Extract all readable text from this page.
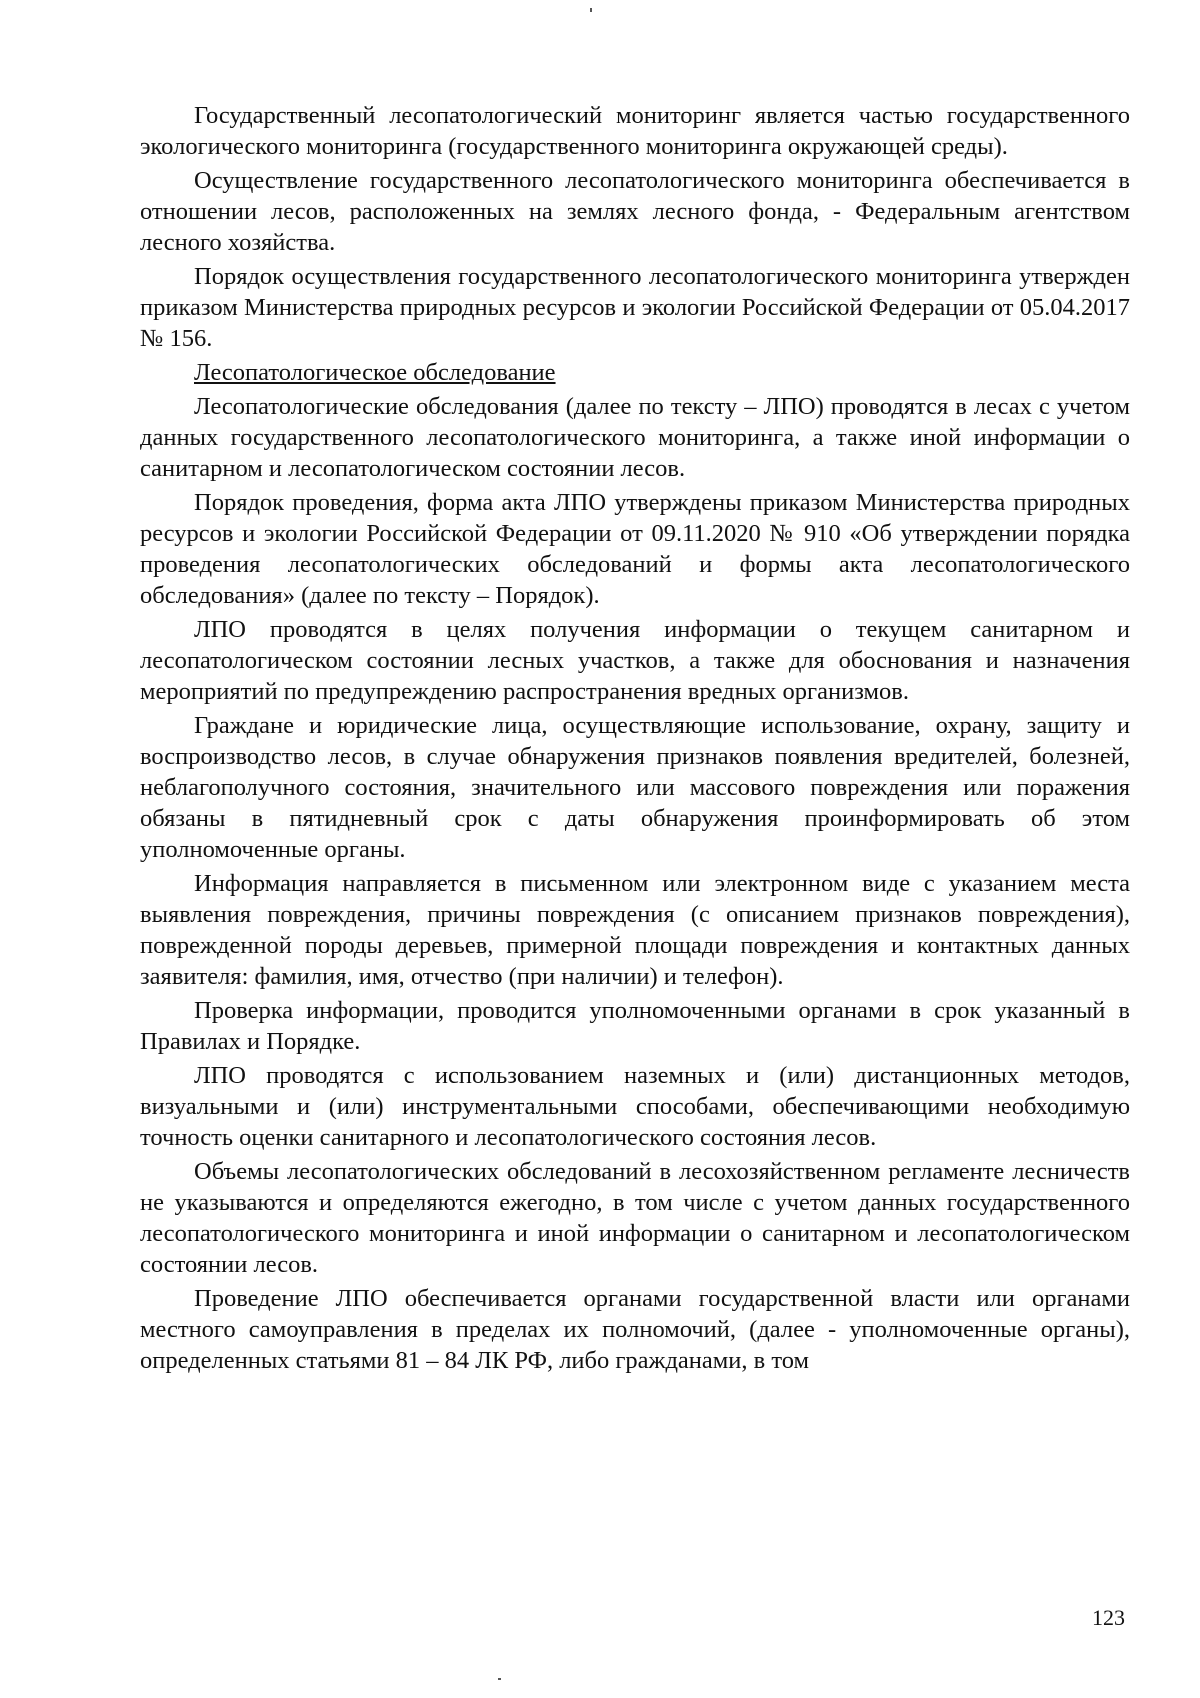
Государственный лесопатологический мониторинг является частью государственного экологического мониторинга (государственного мониторинга окружающей среды).

Осуществление государственного лесопатологического мониторинга обеспечивается в отношении лесов, расположенных на землях лесного фонда, - Федеральным агентством лесного хозяйства.

Порядок осуществления государственного лесопатологического мониторинга утвержден приказом Министерства природных ресурсов и экологии Российской Федерации от 05.04.2017 № 156.

Лесопатологическое обследование

Лесопатологические обследования (далее по тексту – ЛПО) проводятся в лесах с учетом данных государственного лесопатологического мониторинга, а также иной информации о санитарном и лесопатологическом состоянии лесов.

Порядок проведения, форма акта ЛПО утверждены приказом Министерства природных ресурсов и экологии Российской Федерации от 09.11.2020 № 910 «Об утверждении порядка проведения лесопатологических обследований и формы акта лесопатологического обследования» (далее по тексту – Порядок).

ЛПО проводятся в целях получения информации о текущем санитарном и лесопатологическом состоянии лесных участков, а также для обоснования и назначения мероприятий по предупреждению распространения вредных организмов.

Граждане и юридические лица, осуществляющие использование, охрану, защиту и воспроизводство лесов, в случае обнаружения признаков появления вредителей, болезней, неблагополучного состояния, значительного или массового повреждения или поражения обязаны в пятидневный срок с даты обнаружения проинформировать об этом уполномоченные органы.

Информация направляется в письменном или электронном виде с указанием места выявления повреждения, причины повреждения (с описанием признаков повреждения), поврежденной породы деревьев, примерной площади повреждения и контактных данных заявителя: фамилия, имя, отчество (при наличии) и телефон).

Проверка информации, проводится уполномоченными органами в срок указанный в Правилах и Порядке.

ЛПО проводятся с использованием наземных и (или) дистанционных методов, визуальными и (или) инструментальными способами, обеспечивающими необходимую точность оценки санитарного и лесопатологического состояния лесов.

Объемы лесопатологических обследований в лесохозяйственном регламенте лесничеств не указываются и определяются ежегодно, в том числе с учетом данных государственного лесопатологического мониторинга и иной информации о санитарном и лесопатологическом состоянии лесов.

Проведение ЛПО обеспечивается органами государственной власти или органами местного самоуправления в пределах их полномочий, (далее - уполномоченные органы), определенных статьями 81 – 84 ЛК РФ, либо гражданами, в том

123
